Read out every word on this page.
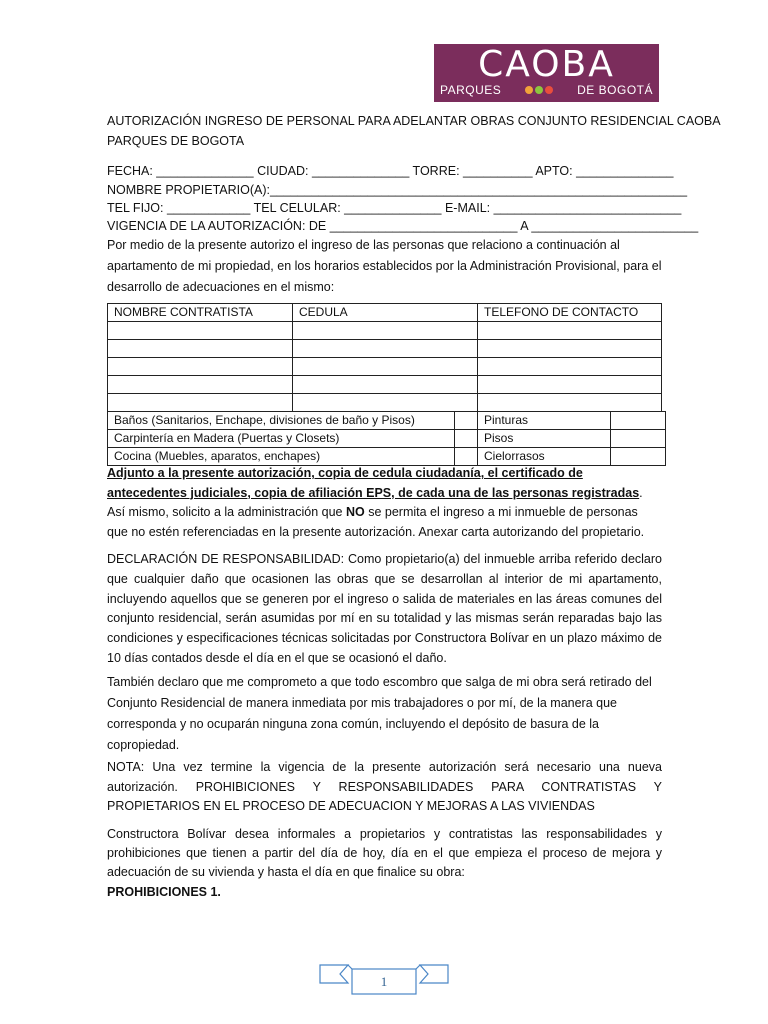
CAOBA
PARQUES	DE BOGOTÁ
AUTORIZACIÓN INGRESO DE PERSONAL PARA ADELANTAR OBRAS CONJUNTO RESIDENCIAL CAOBA
PARQUES DE BOGOTA
FECHA: ______________ CIUDAD: ______________ TORRE: __________ APTO: ______________
NOMBRE PROPIETARIO(A):____________________________________________________________
TEL FIJO: ____________ TEL CELULAR: ______________ E-MAIL: ___________________________
VIGENCIA DE LA AUTORIZACIÓN: DE ___________________________ A ________________________
Por medio de la presente autorizo el ingreso de las personas que relaciono a continuación al apartamento de mi propiedad, en los horarios establecidos por la Administración Provisional, para el desarrollo de adecuaciones en el mismo:
NOMBRE CONTRATISTA	CEDULA	TELEFONO DE CONTACTO

Baños (Sanitarios, Enchape, divisiones de baño y Pisos)		Pinturas	
Carpintería en Madera (Puertas y Closets)		Pisos	
Cocina (Muebles, aparatos, enchapes)		Cielorrasos	
Adjunto a la presente autorización, copia de cedula ciudadanía, el certificado de antecedentes judiciales, copia de afiliación EPS, de cada una de las personas registradas. Así mismo, solicito a la administración que NO se permita el ingreso a mi inmueble de personas que no estén referenciadas en la presente autorización. Anexar carta autorizando del propietario.
DECLARACIÓN DE RESPONSABILIDAD: Como propietario(a) del inmueble arriba referido declaro que cualquier daño que ocasionen las obras que se desarrollan al interior de mi apartamento, incluyendo aquellos que se generen por el ingreso o salida de materiales en las áreas comunes del conjunto residencial, serán asumidas por mí en su totalidad y las mismas serán reparadas bajo las condiciones y especificaciones técnicas solicitadas por Constructora Bolívar en un plazo máximo de 10 días contados desde el día en el que se ocasionó el daño.
También declaro que me comprometo a que todo escombro que salga de mi obra será retirado del Conjunto Residencial de manera inmediata por mis trabajadores o por mí, de la manera que corresponda y no ocuparán ninguna zona común, incluyendo el depósito de basura de la copropiedad.
NOTA: Una vez termine la vigencia de la presente autorización será necesario una nueva autorización. PROHIBICIONES Y RESPONSABILIDADES PARA CONTRATISTAS Y PROPIETARIOS EN EL PROCESO DE ADECUACION Y MEJORAS A LAS VIVIENDAS
Constructora Bolívar desea informales a propietarios y contratistas las responsabilidades y prohibiciones que tienen a partir del día de hoy, día en el que empieza el proceso de mejora y adecuación de su vivienda y hasta el día en que finalice su obra:
PROHIBICIONES 1.
1
